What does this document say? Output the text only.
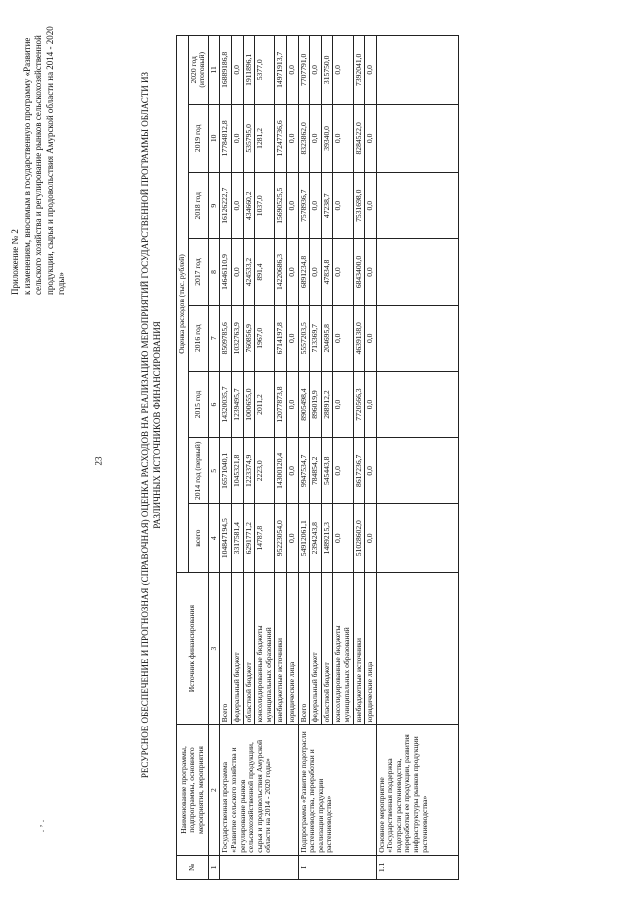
23
·’·
Приложение № 2 к изменениям, вносимым в государственную программу «Развитие сельского хозяйства и регулирование рынков сельскохозяйственной продукции, сырья и продовольствия Амурской области на 2014 - 2020 годы»	РЕСУРСНОЕ ОБЕСПЕЧЕНИЕ И ПРОГНОЗНАЯ (СПРАВОЧНАЯ) ОЦЕНКА РАСХОДОВ НА РЕАЛИЗАЦИЮ МЕРОПРИЯТИЙ ГОСУДАРСТВЕННОЙ ПРОГРАММЫ ОБЛАСТИ ИЗ РАЗЛИЧНЫХ ИСТОЧНИКОВ ФИНАНСИРОВАНИЯ
№	Наименование программы, подпрограммы, основного мероприятия, мероприятия	Источник финансирования	Оценка расходов (тыс. рублей)							
			всего	2014 год (первый)	2015 год	2016 год	2017 год	2018 год	2019 год	2020 год (итоговый)
1	2	3	4	5	6	7	8	9	10	11
	Государственная программа «Развитие сельского хозяйства и регулирование рынков сельскохозяйственной продукции, сырья и продовольствия Амурской области на 2014 - 2020 годы»	Всего	104847194,5	16571040,1	14320035,7	8509785,6	14646110,9	16126222,7	17784812,8	16889186,8
		федеральный бюджет	3317581,4	1045321,8	1239495,7	1032763,9	0,0	0,0	0,0	0,0
		областной бюджет	6291771,2	1223374,9	1000655,0	760856,9	424533,2	434660,2	535795,0	1911896,1
		консолидированные бюджеты муниципальных образований	14787,8	2223,0	2011,2	1967,0	891,4	1037,0	1281,2	5377,0
		внебюджетные источники	95223054,0	14300120,4	12077873,8	6714197,8	14220686,3	15690525,5	17247736,6	14971913,7
		юридические лица	0,0	0,0	0,0	0,0	0,0	0,0	0,0	0,0
I	Подпрограмма «Развитие подотрасли растениеводства, переработки и реализации продукции растениеводства»	Всего	54912061,1	9947534,7	8905498,4	5557203,5	6891234,8	7578936,7	8323862,0	7707791,0
		федеральный бюджет	2394243,8	784854,2	896019,9	713369,7	0,0	0,0	0,0	0,0
		областной бюджет	1489215,3	545443,8	288912,2	204695,8	47834,8	47238,7	39340,0	315750,0
		консолидированные бюджеты муниципальных образований	0,0	0,0	0,0	0,0	0,0	0,0	0,0	0,0
		внебюджетные источники	51028602,0	8617236,7	7720566,3	4639138,0	6843400,0	7531698,0	8284522,0	7392041,0
		юридические лица	0,0	0,0	0,0	0,0	0,0	0,0	0,0	0,0
1.1	Основное мероприятие «Государственная поддержка подотрасли растениеводства, переработки ее продукции, развития инфраструктуры рынков продукции растениеводства»									
